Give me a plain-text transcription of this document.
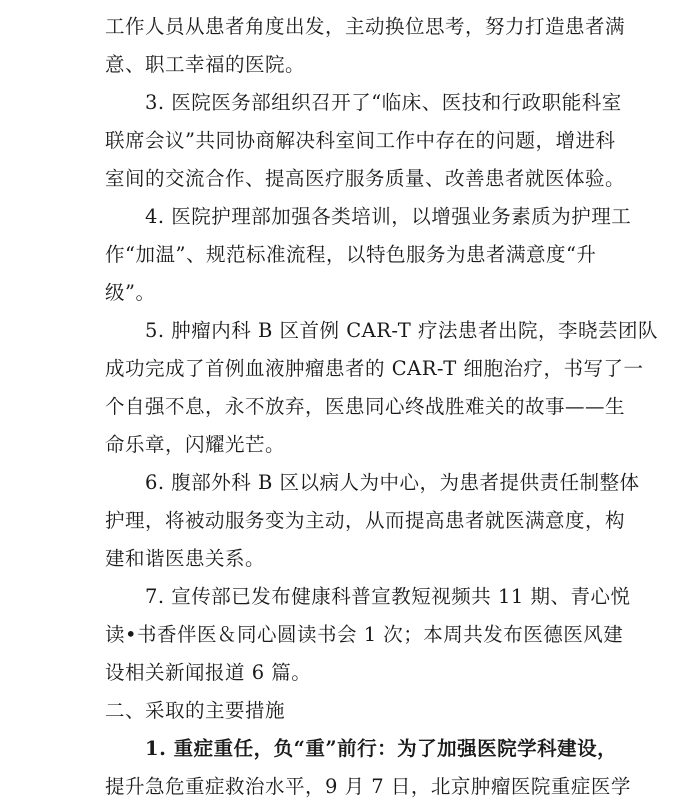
工作人员从患者角度出发，主动换位思考，努力打造患者满
意、职工幸福的医院。
3. 医院医务部组织召开了“临床、医技和行政职能科室
联席会议”共同协商解决科室间工作中存在的问题，增进科
室间的交流合作、提高医疗服务质量、改善患者就医体验。
4. 医院护理部加强各类培训，以增强业务素质为护理工
作“加温”、规范标准流程，以特色服务为患者满意度“升
级”。
5. 肿瘤内科 B 区首例 CAR-T 疗法患者出院，李晓芸团队
成功完成了首例血液肿瘤患者的 CAR-T 细胞治疗，书写了一
个自强不息，永不放弃，医患同心终战胜难关的故事——生
命乐章，闪耀光芒。
6. 腹部外科 B 区以病人为中心，为患者提供责任制整体
护理，将被动服务变为主动，从而提高患者就医满意度，构
建和谐医患关系。
7. 宣传部已发布健康科普宣教短视频共 11 期、青心悦
读•书香伴医＆同心圆读书会 1 次；本周共发布医德医风建
设相关新闻报道 6 篇。
二、采取的主要措施
1. 重症重任，负“重”前行：为了加强医院学科建设，
提升急危重症救治水平，9 月 7 日，北京肿瘤医院重症医学
